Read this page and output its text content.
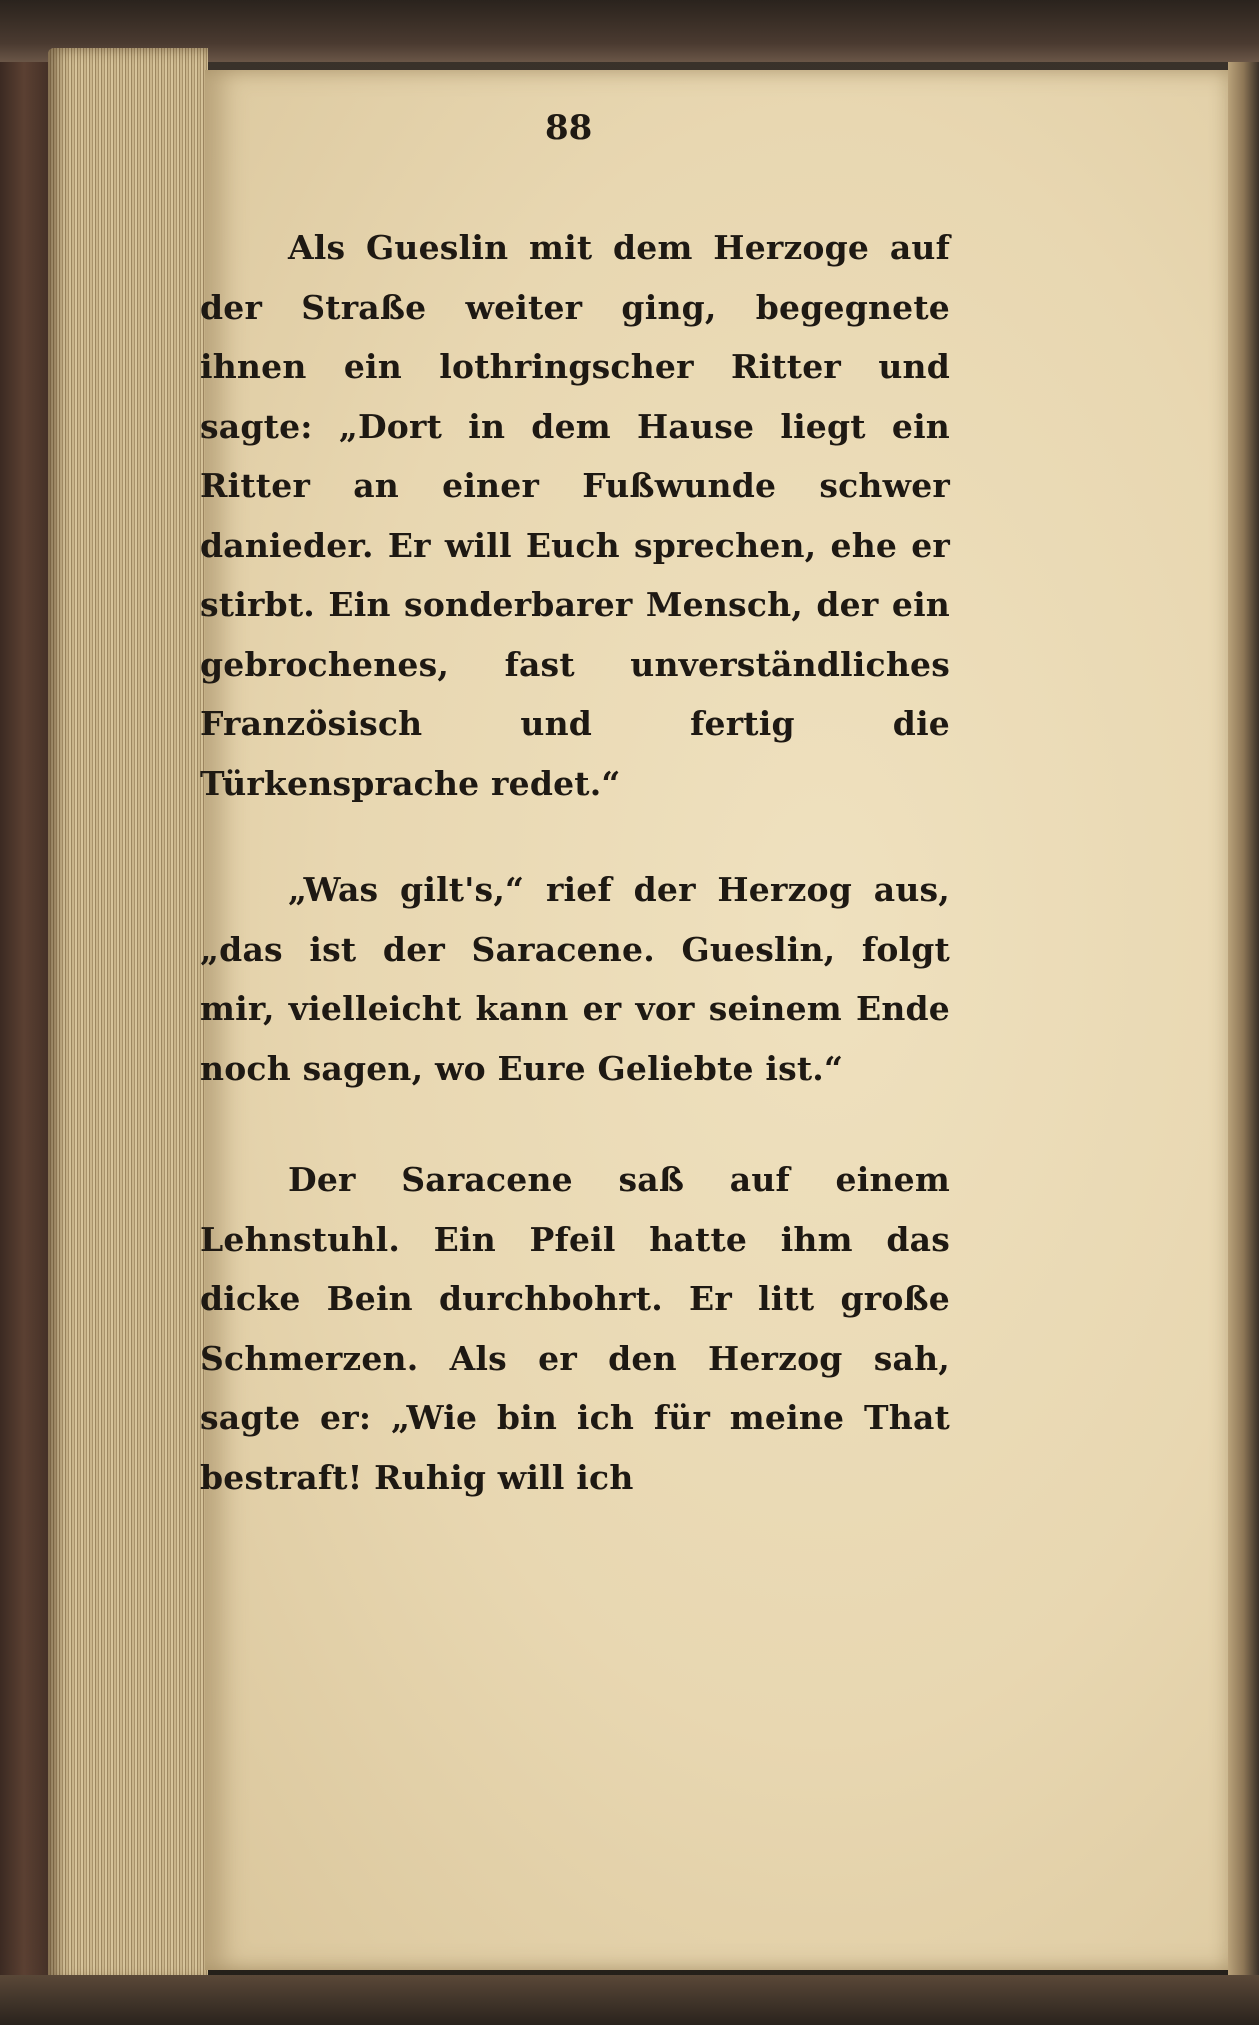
88

Als Gueslin mit dem Herzoge auf der Straße weiter ging, begegnete ihnen ein lothringscher Ritter und sagte: „Dort in dem Hause liegt ein Ritter an einer Fußwunde schwer danieder. Er will Euch sprechen, ehe er stirbt. Ein sonderbarer Mensch, der ein gebrochenes, fast unverständliches Französisch und fertig die Türkensprache redet.“

„Was gilt's,“ rief der Herzog aus, „das ist der Saracene. Gueslin, folgt mir, vielleicht kann er vor seinem Ende noch sagen, wo Eure Geliebte ist.“

Der Saracene saß auf einem Lehnstuhl. Ein Pfeil hatte ihm das dicke Bein durchbohrt. Er litt große Schmerzen. Als er den Herzog sah, sagte er: „Wie bin ich für meine That bestraft! Ruhig will ich
